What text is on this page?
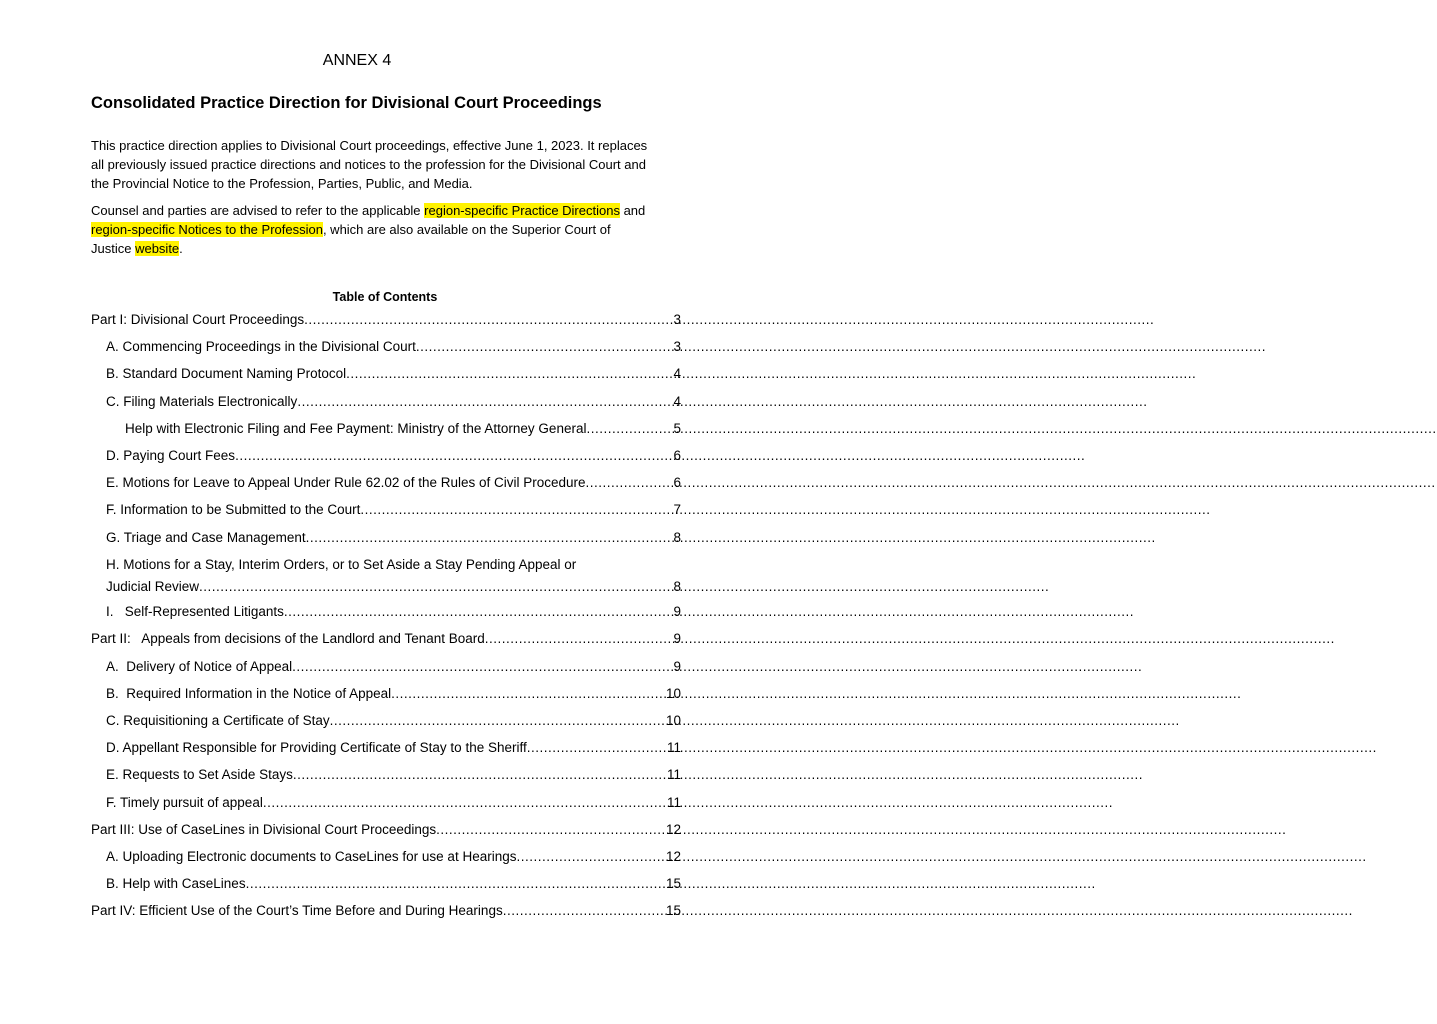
ANNEX 4
Consolidated Practice Direction for Divisional Court Proceedings
This practice direction applies to Divisional Court proceedings, effective June 1, 2023. It replaces all previously issued practice directions and notices to the profession for the Divisional Court and the Provincial Notice to the Profession, Parties, Public, and Media.
Counsel and parties are advised to refer to the applicable region-specific Practice Directions and region-specific Notices to the Profession, which are also available on the Superior Court of Justice website.
Table of Contents
Part I: Divisional Court Proceedings .....	3
A. Commencing Proceedings in the Divisional Court .....	3
B. Standard Document Naming Protocol .....	4
C. Filing Materials Electronically .....	4
Help with Electronic Filing and Fee Payment: Ministry of the Attorney General .....	5
D. Paying Court Fees .....	6
E. Motions for Leave to Appeal Under Rule 62.02 of the Rules of Civil Procedure .....	6
F. Information to be Submitted to the Court .....	7
G. Triage and Case Management .....	8
H. Motions for a Stay, Interim Orders, or to Set Aside a Stay Pending Appeal or
Judicial Review .....	8
I.   Self-Represented Litigants .....	9
Part II:   Appeals from decisions of the Landlord and Tenant Board .....	9
A.  Delivery of Notice of Appeal .....	9
B.  Required Information in the Notice of Appeal .....	10
C. Requisitioning a Certificate of Stay .....	10
D. Appellant Responsible for Providing Certificate of Stay to the Sheriff .....	11
E. Requests to Set Aside Stays .....	11
F. Timely pursuit of appeal .....	11
Part III: Use of CaseLines in Divisional Court Proceedings .....	12
A. Uploading Electronic documents to CaseLines for use at Hearings .....	12
B. Help with CaseLines .....	15
Part IV: Efficient Use of the Court’s Time Before and During Hearings .....	15
